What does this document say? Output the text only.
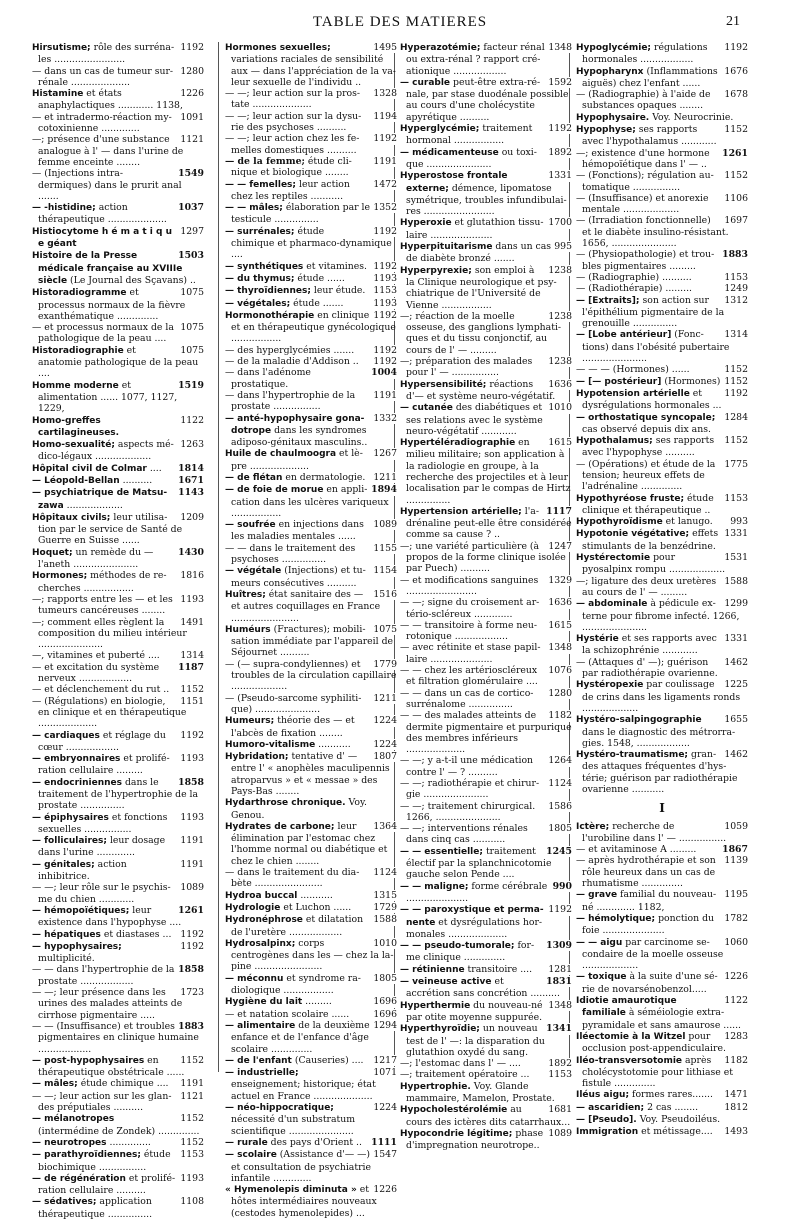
TABLE DES MATIERES	21

1192
Hirsutisme; rôle des surrénales ........................

1280
— dans un cas de tumeur surrénale ....................

1226
Histamine et états anaphylactiques ............ 1138,

1091
— et intradermo-réaction mycotoxinienne .............

1121
—; présence d'une substance analogue à l' — dans l'urine de femme enceinte ........

1549
— (Injections intra-dermiques) dans le prurit anal .......

1037
— -histidine; action thérapeutique ....................

1297
Histiocytome h é m a t i q u e géant

1503
Histoire de la Presse médicale française au XVIIIe siècle (Le Journal des Sçavans) ..

1075
Historadiogramme et processus normaux de la fièvre exanthématique ..............

1075
— et processus normaux de la pathologique de la peau ....

1075
Historadiographie et anatomie pathologique de la peau ....

1519
Homme moderne et alimentation ...... 1077, 1127, 1229,

1122
Homo-greffes cartilagineuses.

1263
Homo-sexualité; aspects médico-légaux ...................

1814
Hôpital civil de Colmar ....

1671
— Léopold-Bellan ..........

1143
— psychiatrique de Matsuzawa ...................

1209
Hôpitaux civils; leur utilisation par le service de Santé de Guerre en Suisse ......

1430
Hoquet; un remède du — l'aneth ......................

1816
Hormones; méthodes de recherches .................

1193
—; rapports entre les — et les tumeurs cancéreuses ........

1491
—; comment elles règlent la composition du milieu intérieur ......................

1314
—, vitamines et puberté ....

1187
— et excitation du système nerveux ..................

1152
— et déclenchement du rut ..

1151
— (Régulations) en biologie, en clinique et en thérapeutique ....................

1192
— cardiaques et réglage du cœur ..................

1193
— embryonnaires et prolifération cellulaire .........

1858
— endocriniennes dans le traitement de l'hypertrophie de la prostate ...............

1193
— épiphysaires et fonctions sexuelles ................

1191
— folliculaires; leur dosage dans l'urine .............

1191
— génitales; action inhibitrice.

1089
— —; leur rôle sur le psychisme du chien ............

1261
— hémopoïétiques; leur existence dans l'hypophyse ....

1192
— hépatiques et diastases ...

1192
— hypophysaires; multiplicité.

1858
— — dans l'hypertrophie de la prostate ..................

1723
— —; leur présence dans les urines des malades atteints de cirrhose pigmentaire .....

1883
— — (Insuffisance) et troubles pigmentaires en clinique humaine ..................

1152
— post-hypophysaires en thérapeutique obstétricale ......

1191
— mâles; étude chimique ....

1121
— —; leur action sur les glandes préputiales ..........

1152
— mélanotropes (intermédine de Zondek) ..............

1152
— neurotropes ..............

1153
— parathyroïdiennes; étude biochimique ................

1193
— de régénération et prolifération cellulaire ..........

1108
— sédatives; application thérapeutique ...............

1495
Hormones sexuelles; variations raciales de sensibilité aux — dans l'appréciation de la valeur sexuelle de l'individu ..

1328
— —; leur action sur la prostate ....................

1194
— —; leur action sur la dysurie des psychoses ..........

1192
— —; leur action chez les femelles domestiques ..........

1191
— de la femme; étude clinique et biologique ........

1472
— — femelles; leur action chez les reptiles ...........

1352
— — mâles; élaboration par le testicule ...............

1192
— surrénales; étude chimique et pharmaco-dynamique ....

1192
— synthétiques et vitamines.

1193
— du thymus; étude ......

1153
— thyroïdiennes; leur étude.

1193
— végétales; étude .......

1192
Hormonothérapie en clinique et en thérapeutique gynécologique .................

1192
— des hyperglycémies .......

1192
— de la maladie d'Addison ..

1004
— dans l'adénome prostatique.

1191
— dans l'hypertrophie de la prostate ................

1332
— anté-hypophysaire gonadotrope dans les syndromes adiposo-génitaux masculins..

1267
Huile de chaulmoogra et lèpre ....................

1211
— de flétan en dermatologie.

1894
— de foie de morue en application dans les ulcères variqueux .................

1089
— soufrée en injections dans les maladies mentales ......

1155
— — dans le traitement des psychoses ...............

1154
— végétale (Injections) et tumeurs consécutives ..........

1516
Huîtres; état sanitaire des — et autres coquillages en France .......................

1075
Huméurs (Fractures); mobilisation immédiate par l'appareil de Séjournet ..........

1779
— (— supra-condyliennes) et troubles de la circulation capillaire ...................

1211
— (Pseudo-sarcome syphilitique) ......................

1224
Humeurs; théorie des — et l'abcès de fixation ........

1224
Humoro-vitalisme ...........

1807
Hybridation; tentative d' — entre l' « anophèles maculipennis atroparvus » et « messae » des Pays-Bas ........

Hydarthrose chronique. Voy. Genou.

1364
Hydrates de carbone; leur élimination par l'estomac chez l'homme normal ou diabétique et chez le chien ........

1124
— dans le traitement du diabète .......................

1315
Hydroa buccal ...........

1729
Hydrologie et Luchon ......

1588
Hydronéphrose et dilatation de l'uretère ..................

1010
Hydrosalpinx; corps centrogènes dans les — chez la lapine .......................

1805
— méconnu et syndrome radiologique .................

1696
Hygiène du lait .........

1696
— et natation scolaire ......

1294
— alimentaire de la deuxième enfance et de l'enfance d'âge scolaire ..............

1217
— de l'enfant (Causeries) ....

1071
— industrielle; enseignement; historique; état actuel en France ....................

1224
— néo-hippocratique; nécessité d'un substratum scientifique ......................

1111
— rurale des pays d'Orient ..

1547
— scolaire (Assistance d'— —) et consultation de psychiatrie infantile .............

1226
« Hymenolepis diminuta » et hôtes intermédiaires nouveaux (cestodes hymenolepides) ...

1348
Hyperazotémie; facteur rénal ou extra-rénal ? rapport créationique ..................

1592
— curable peut-être extra-rénale, par stase duodénale possible au cours d'une cholécystite apyrétique ..........

1192
Hyperglycémie; traitement hormonal .................

1892
— médicamenteuse ou toxique ......................

1331
Hyperostose frontale externe; démence, lipomatose symétrique, troubles infundibulaires ........................

1700
Hyperoxie et glutathion tissulaire .....................

995
Hyperpituitarisme dans un cas de diabète bronzé .......

1238
Hyperpyrexie; son emploi à la Clinique neurologique et psychiatrique de l'Université de Vienne .................

1238
—; réaction de la moelle osseuse, des ganglions lymphatiques et du tissu conjonctif, au cours de l' — .........

1238
—; préparation des malades pour l' — ................

1636
Hypersensibilité; réactions d'— et système neuro-végétatif.

1010
— cutanée des diabétiques et ses relations avec le système neuro-végétatif ............

1615
Hypertéléradiographie en milieu militaire; son application à la radiologie en groupe, à la recherche des projectiles et à leur localisation par le compas de Hirtz ...............

1117
Hypertension artérielle; l'adrénaline peut-elle être considérée comme sa cause ? ..

1247
—; une variété particulière (à propos de la forme clinique isolée par Puech) ..........

1329
— et modifications sanguines ........................

1636
— —; signe du croisement artério-scléreux .............

1615
— — transitoire à forme neurotonique ..................

1348
— avec rétinite et stase papillaire .....................

1076
— — chez les artérioscléreux et filtration glomérulaire ....

1280
— — dans un cas de corticosurrénalome ...............

1182
— — des malades atteints de dermite pigmentaire et purpurique des membres inférieurs ....................

1264
— —; y a-t-il une médication contre l' — ? ..........

1124
— —; radiothérapie et chirurgie ......................

1586
— —; traitement chirurgical. 1266, ......................

1805
— —; interventions rénales dans cinq cas ...........

1245
— — essentielle; traitement électif par la splanchnicotomie gauche selon Pende ....

990
— — maligne; forme cérébrale .....................

1192
— — paroxystique et permanente et dysrégulations hormonales ....................

1309
— — pseudo-tumorale; forme clinique ..............

1281
— rétinienne transitoire ....

1831
— veineuse active et accrétion sans concrétion ..........

1348
Hyperthermie du nouveau-né par otite moyenne suppurée.

1341
Hyperthyroïdie; un nouveau test de l' —: la disparation du glutathion oxydé du sang.

1892
—; l'estomac dans l' — ....

1153
—; traitement opératoire ...

Hypertrophie. Voy. Glande mammaire, Mamelon, Prostate.

1681
Hypocholestérolémie au cours des ictères dits catarrhaux...

1089
Hypocondrie légitime; phase d'impregnation neurotrope..

1192
Hypoglycémie; régulations hormonales ..................

1676
Hypopharynx (Inflammations aiguës) chez l'enfant ......

1678
— (Radiographie) à l'aide de substances opaques ........

Hypophysaire. Voy. Neurocrinie.

1152
Hypophyse; ses rapports avec l'hypothalamus ............

1261
—; existence d'une hormone hémopoïétique dans l' — ..

1152
— (Fonctions); régulation automatique ................

1106
— (Insuffisance) et anorexie mentale ...................

1697
— (Irradiation fonctionnelle) et le diabète insulino-résistant. 1656, ......................

1883
— (Physiopathologie) et troubles pigmentaires .........

1153
— (Radiographie) ..........

1249
— (Radiothérapie) .........

1312
— [Extraits]; son action sur l'épithélium pigmentaire de la grenouille ...............

1314
— [Lobe antérieur] (Fonctions) dans l'obésité pubertaire ......................

1152
— — — (Hormones) ......

1152
— [— postérieur] (Hormones)

1192
Hypotension artérielle et dysrégulations hormonales ...

1284
— orthostatique syncopale; cas observé depuis dix ans.

1152
Hypothalamus; ses rapports avec l'hypophyse ..........

1775
— (Opérations) et étude de la tension; heureux effets de l'adrénaline ..............

1153
Hypothyréose fruste; étude clinique et thérapeutique ..

993
Hypothyroïdisme et lanugo.

1331
Hypotonie végétative; effets stimulants de la benzédrine.

1531
Hystérectomie pour pyosalpinx rompu ...................

1588
—; ligature des deux uretères au cours de l' — .........

1299
— abdominale à pédicule externe pour fibrome infecté. 1266, ......................

1331
Hystérie et ses rapports avec la schizophrénie ............

1462
— (Attaques d' —); guérison par radiothérapie ovarienne.

1225
Hystéropexie par coulissage de crins dans les ligaments ronds ...................

1655
Hystéro-salpingographie dans le diagnostic des métrorragies. 1548, ..................

1462
Hystéro-traumatisme; grandes attaques fréquentes d'hystérie; guérison par radiothérapie ovarienne ...........

I

1059
Ictère; recherche de l'urobiline dans l' — ................

1867
— et avitaminose A .........

1139
— après hydrothérapie et son rôle heureux dans un cas de rhumatisme ..............

1195
— grave familial du nouveau-né ............. 1182,

1782
— hémolytique; ponction du foie .....................

1060
— — aigu par carcinome secondaire de la moelle osseuse ...................

1226
— toxique à la suite d'une série de novarsénobenzol.....

1122
Idiotie amaurotique familiale à séméiologie extra-pyramidale et sans amaurose ......

1283
Iléectomie à la Witzel pour occlusion post-appendiculaire.

1182
Iléo-transversotomie après cholécystotomie pour lithiase et fistule ..............

1471
Iléus aigu; formes rares.......

1812
— ascaridien; 2 cas ........

— [Pseudo]. Voy. Pseudoiléus.

1493
Immigration et métissage....
